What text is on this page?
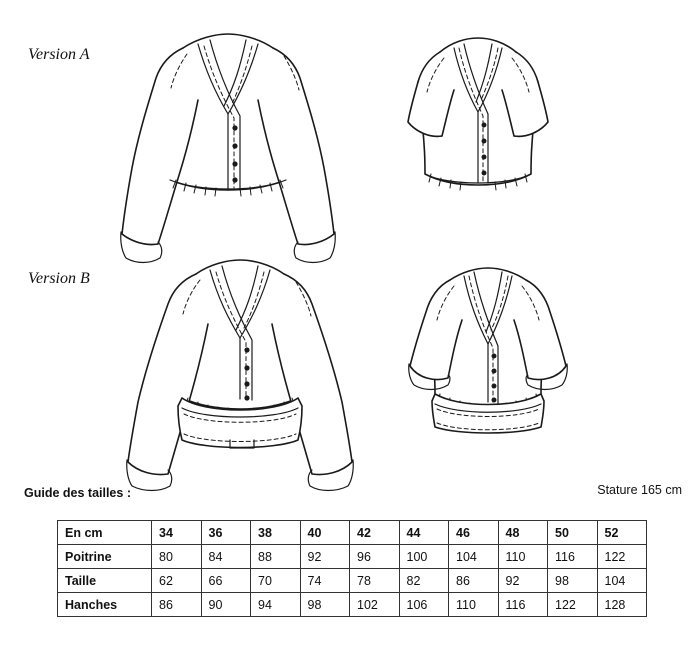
Version A
Version B
Guide des tailles :	Stature 165 cm
En cm	34	36	38	40	42	44	46	48	50	52
Poitrine	80	84	88	92	96	100	104	110	116	122
Taille	62	66	70	74	78	82	86	92	98	104
Hanches	86	90	94	98	102	106	110	116	122	128
